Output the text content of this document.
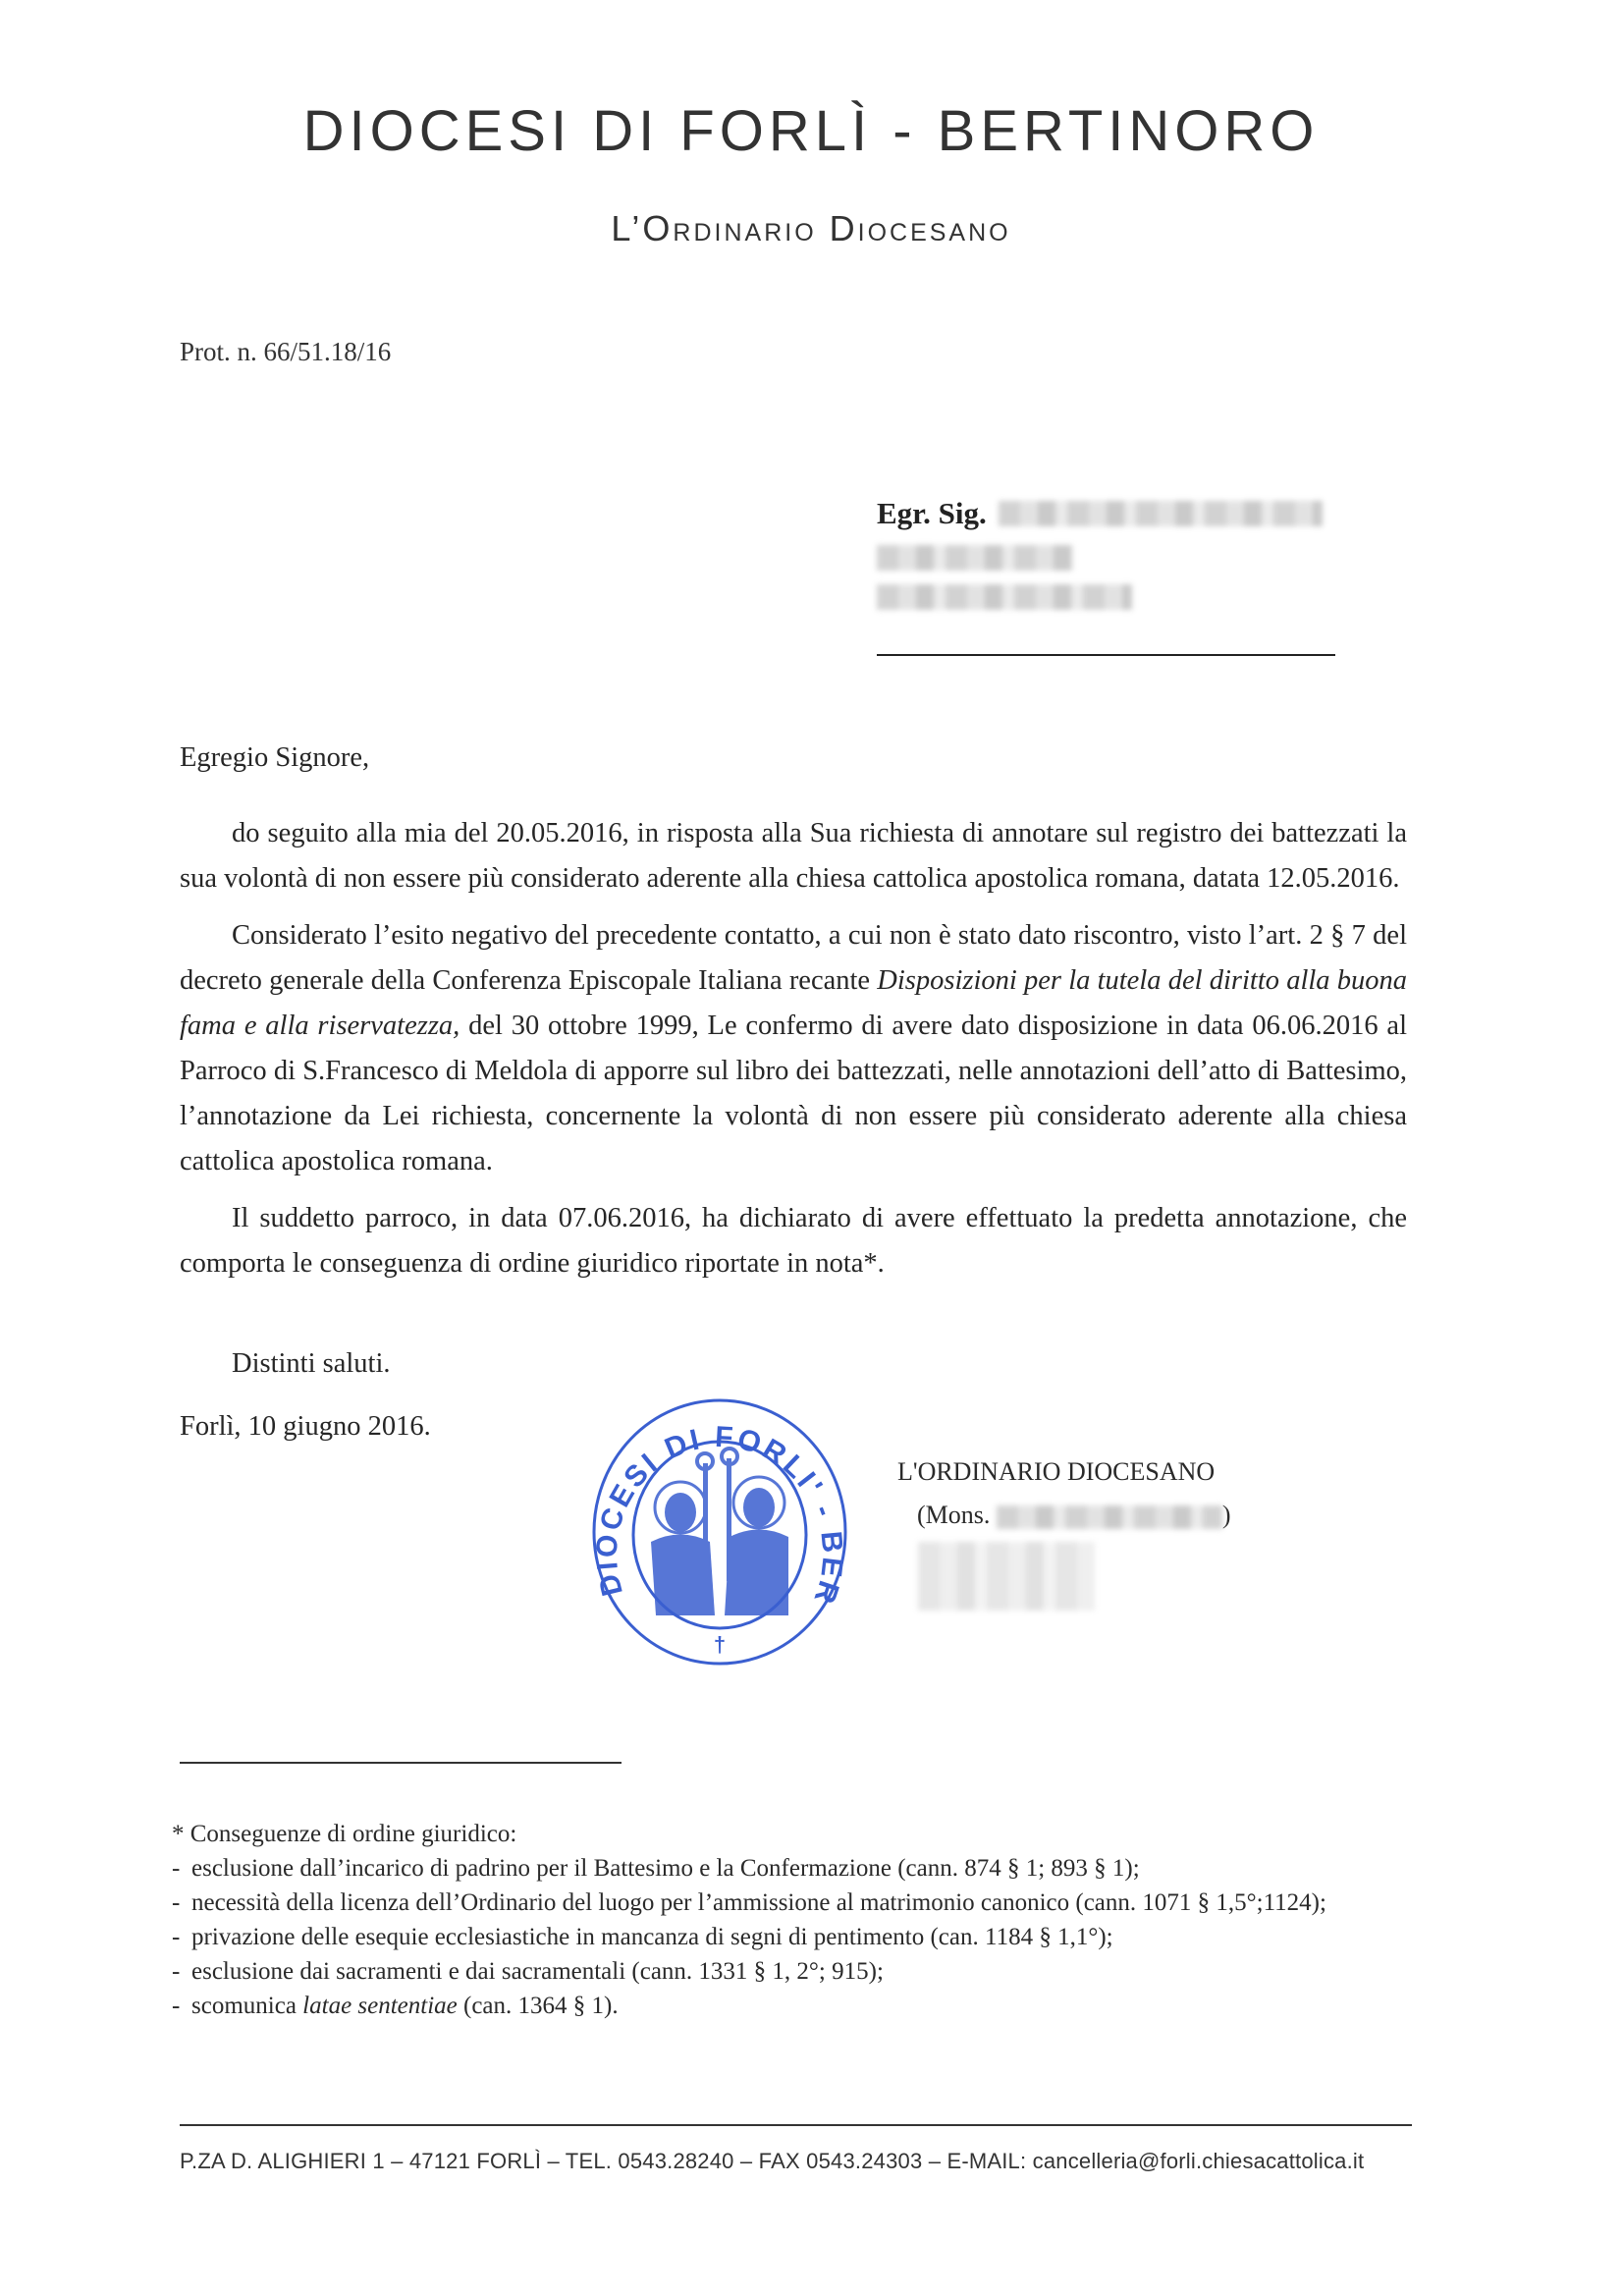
DIOCESI DI FORLÌ - BERTINORO
L’Ordinario Diocesano
Prot. n. 66/51.18/16
Egr. Sig.
Egregio Signore,

do seguito alla mia del 20.05.2016, in risposta alla Sua richiesta di annotare sul registro dei battezzati la sua volontà di non essere più considerato aderente alla chiesa cattolica apostolica romana, datata 12.05.2016.

Considerato l’esito negativo del precedente contatto, a cui non è stato dato riscontro, visto l’art. 2 § 7 del decreto generale della Conferenza Episcopale Italiana recante Disposizioni per la tutela del diritto alla buona fama e alla riservatezza, del 30 ottobre 1999, Le confermo di avere dato disposizione in data 06.06.2016 al Parroco di S.Francesco di Meldola di apporre sul libro dei battezzati, nelle annotazioni dell’atto di Battesimo, l’annotazione da Lei richiesta, concernente la volontà di non essere più considerato aderente alla chiesa cattolica apostolica romana.

Il suddetto parroco, in data 07.06.2016, ha dichiarato di avere effettuato la predetta annotazione, che comporta le conseguenza di ordine giuridico riportate in nota*.

Distinti saluti.
Forlì, 10 giugno 2016.
DIOCESI DI FORLI' - BER
†
L'ORDINARIO DIOCESANO
(Mons.	)
* Conseguenze di ordine giuridico:
- esclusione dall’incarico di padrino per il Battesimo e la Confermazione (cann. 874 § 1; 893 § 1);
- necessità della licenza dell’Ordinario del luogo per l’ammissione al matrimonio canonico (cann. 1071 § 1,5°;1124);
- privazione delle esequie ecclesiastiche in mancanza di segni di pentimento (can. 1184 § 1,1°);
- esclusione dai sacramenti e dai sacramentali (cann. 1331 § 1, 2°; 915);
- scomunica latae sententiae (can. 1364 § 1).
P.ZA D. ALIGHIERI 1 – 47121 FORLÌ – TEL. 0543.28240 – FAX 0543.24303 – E-MAIL: cancelleria@forli.chiesacattolica.it
